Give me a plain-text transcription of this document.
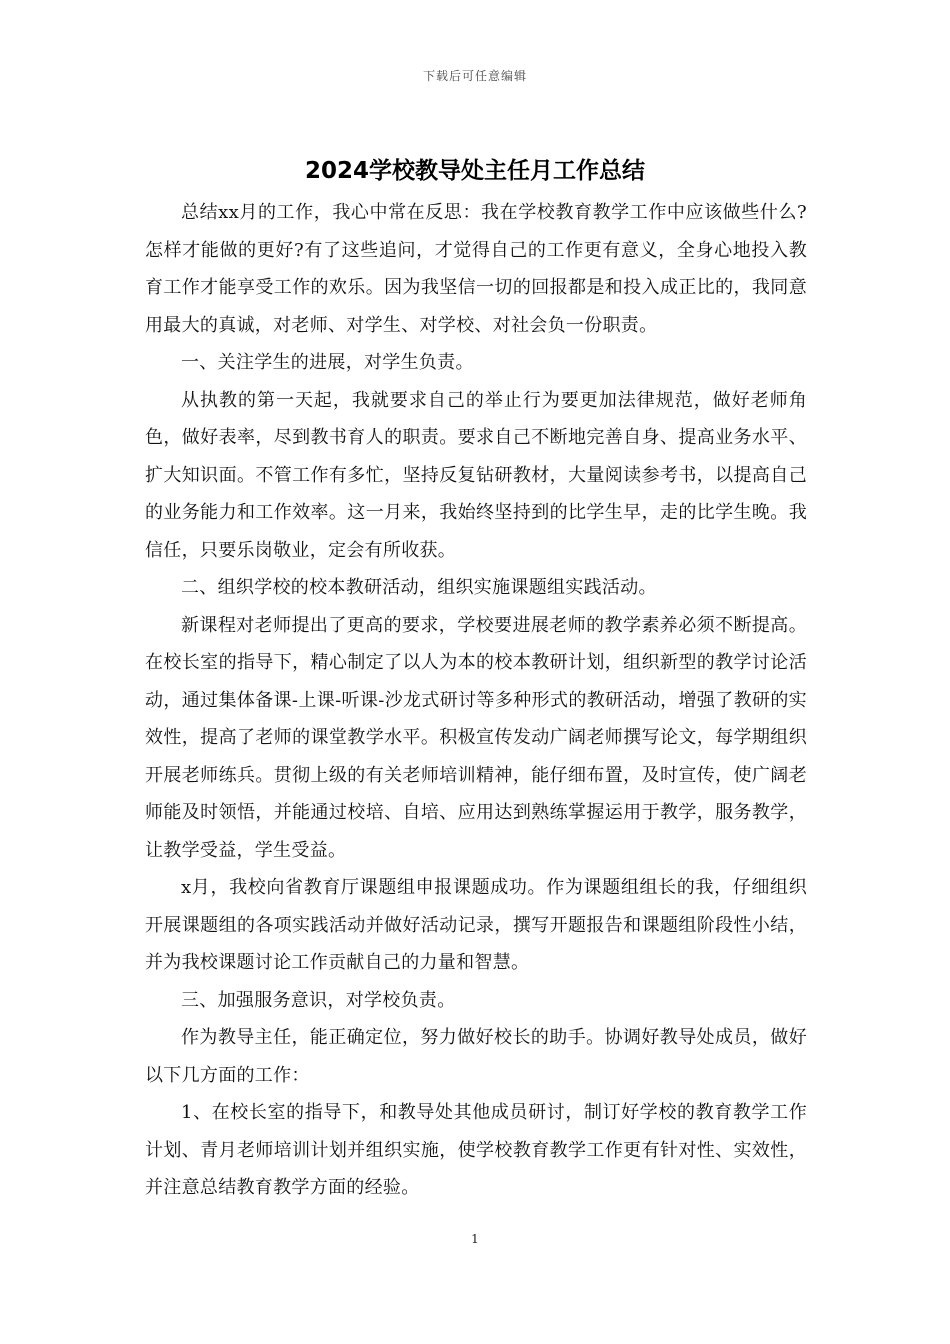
下载后可任意编辑
2024学校教导处主任月工作总结

总结xx月的工作，我心中常在反思：我在学校教育教学工作中应该做些什么?怎样才能做的更好?有了这些追问，才觉得自己的工作更有意义，全身心地投入教育工作才能享受工作的欢乐。因为我坚信一切的回报都是和投入成正比的，我同意用最大的真诚，对老师、对学生、对学校、对社会负一份职责。

一、关注学生的进展，对学生负责。

从执教的第一天起，我就要求自己的举止行为要更加法律规范，做好老师角色，做好表率，尽到教书育人的职责。要求自己不断地完善自身、提高业务水平、扩大知识面。不管工作有多忙，坚持反复钻研教材，大量阅读参考书，以提高自己的业务能力和工作效率。这一月来，我始终坚持到的比学生早，走的比学生晚。我信任，只要乐岗敬业，定会有所收获。

二、组织学校的校本教研活动，组织实施课题组实践活动。

新课程对老师提出了更高的要求，学校要进展老师的教学素养必须不断提高。在校长室的指导下，精心制定了以人为本的校本教研计划，组织新型的教学讨论活动，通过集体备课-上课-听课-沙龙式研讨等多种形式的教研活动，增强了教研的实效性，提高了老师的课堂教学水平。积极宣传发动广阔老师撰写论文，每学期组织开展老师练兵。贯彻上级的有关老师培训精神，能仔细布置，及时宣传，使广阔老师能及时领悟，并能通过校培、自培、应用达到熟练掌握运用于教学，服务教学，让教学受益，学生受益。

x月，我校向省教育厅课题组申报课题成功。作为课题组组长的我，仔细组织开展课题组的各项实践活动并做好活动记录，撰写开题报告和课题组阶段性小结，并为我校课题讨论工作贡献自己的力量和智慧。

三、加强服务意识，对学校负责。

作为教导主任，能正确定位，努力做好校长的助手。协调好教导处成员，做好以下几方面的工作：

1、在校长室的指导下，和教导处其他成员研讨，制订好学校的教育教学工作计划、青月老师培训计划并组织实施，使学校教育教学工作更有针对性、实效性，并注意总结教育教学方面的经验。

1
